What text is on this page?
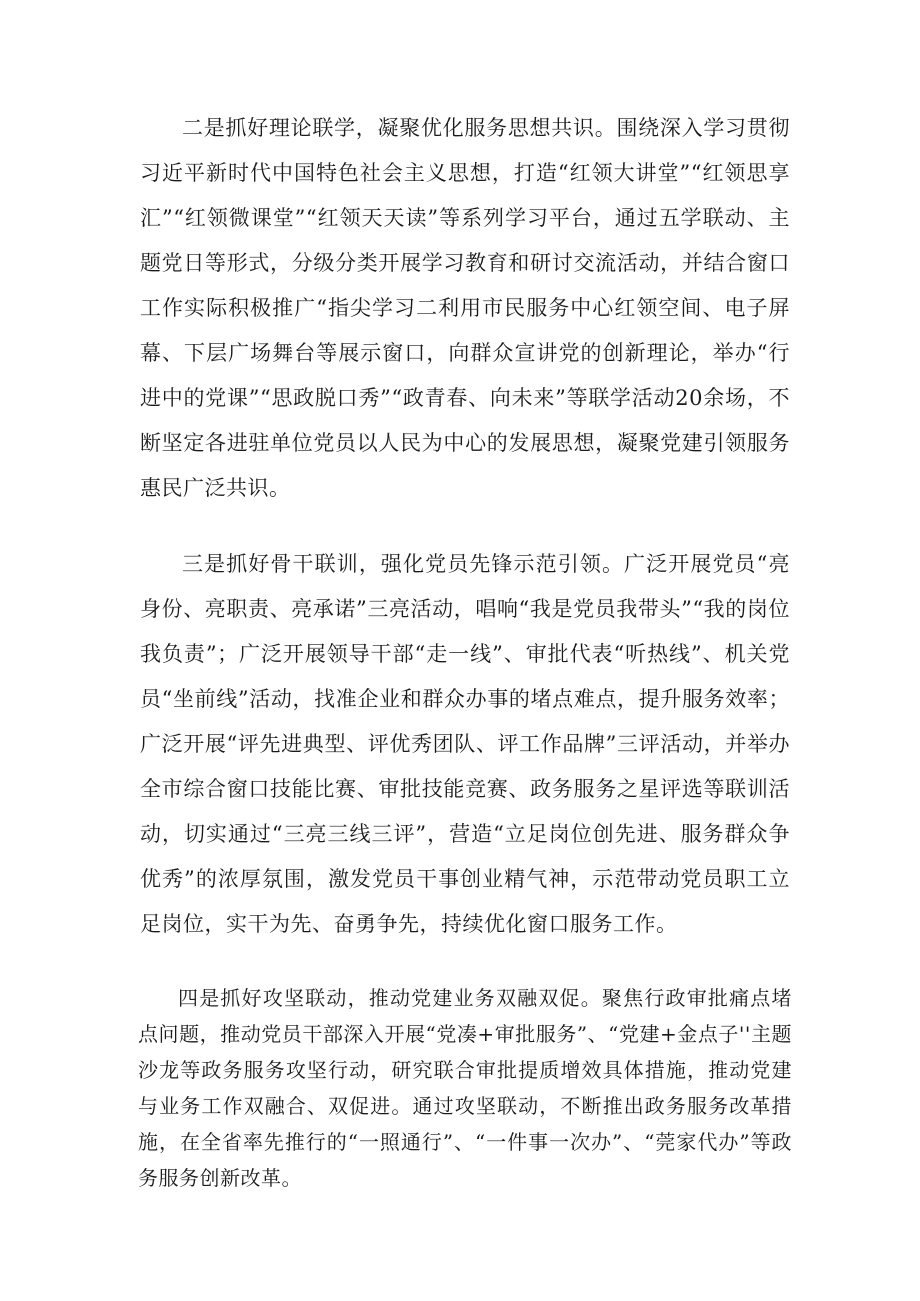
二是抓好理论联学，凝聚优化服务思想共识。围绕深入学习贯彻习近平新时代中国特色社会主义思想，打造“红领大讲堂”“红领思享汇”“红领微课堂”“红领天天读”等系列学习平台，通过五学联动、主题党日等形式，分级分类开展学习教育和研讨交流活动，并结合窗口工作实际积极推广“指尖学习二利用市民服务中心红领空间、电子屏幕、下层广场舞台等展示窗口，向群众宣讲党的创新理论，举办“行进中的党课”“思政脱口秀”“政青春、向未来”等联学活动20余场，不断坚定各进驻单位党员以人民为中心的发展思想，凝聚党建引领服务惠民广泛共识。

三是抓好骨干联训，强化党员先锋示范引领。广泛开展党员“亮身份、亮职责、亮承诺”三亮活动，唱响“我是党员我带头”“我的岗位我负责”；广泛开展领导干部“走一线”、审批代表“听热线”、机关党员“坐前线”活动，找准企业和群众办事的堵点难点，提升服务效率；广泛开展“评先进典型、评优秀团队、评工作品牌”三评活动，并举办全市综合窗口技能比赛、审批技能竞赛、政务服务之星评选等联训活动，切实通过“三亮三线三评”，营造“立足岗位创先进、服务群众争优秀”的浓厚氛围，激发党员干事创业精气神，示范带动党员职工立足岗位，实干为先、奋勇争先，持续优化窗口服务工作。

四是抓好攻坚联动，推动党建业务双融双促。聚焦行政审批痛点堵点问题，推动党员干部深入开展“党凑+审批服务”、“党建+金点子''主题沙龙等政务服务攻坚行动，研究联合审批提质增效具体措施，推动党建与业务工作双融合、双促进。通过攻坚联动，不断推出政务服务改革措施，在全省率先推行的“一照通行”、“一件事一次办”、“莞家代办”等政务服务创新改革。
